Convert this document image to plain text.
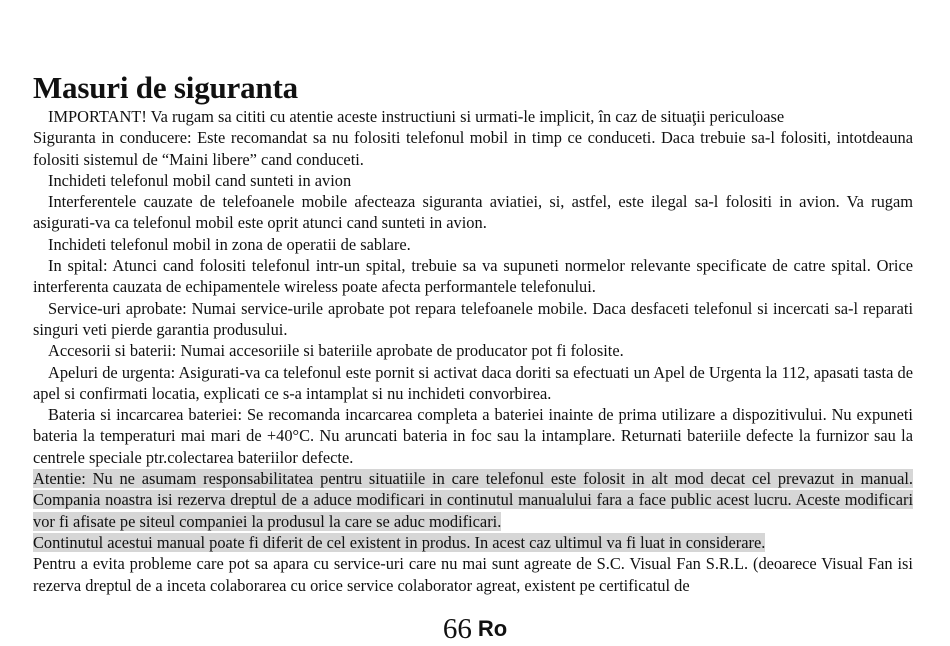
Masuri de siguranta

IMPORTANT! Va rugam sa cititi cu atentie aceste instructiuni si urmati-le implicit, în caz de situaţii periculoase

Siguranta in conducere: Este recomandat sa nu folositi telefonul mobil in timp ce conduceti. Daca trebuie sa-l folositi, intotdeauna folositi sistemul de “Maini libere” cand conduceti.

Inchideti telefonul mobil cand sunteti in avion

Interferentele cauzate de telefoanele mobile afecteaza siguranta aviatiei, si, astfel, este ilegal sa-l folositi in avion. Va rugam asigurati-va ca telefonul mobil este oprit atunci cand sunteti in avion.

Inchideti telefonul mobil in zona de operatii de sablare.

In spital: Atunci cand folositi telefonul intr-un spital, trebuie sa va supuneti normelor relevante specificate de catre spital. Orice interferenta cauzata de echipamentele wireless poate afecta performantele telefonului.

Service-uri aprobate: Numai service-urile aprobate pot repara telefoanele mobile. Daca desfaceti telefonul si incercati sa-l reparati singuri veti pierde garantia produsului.

Accesorii si baterii: Numai accesoriile si bateriile aprobate de producator pot fi folosite.

Apeluri de urgenta: Asigurati-va ca telefonul este pornit si activat daca doriti sa efectuati un Apel de Urgenta la 112, apasati tasta de apel si confirmati locatia, explicati ce s-a intamplat si nu inchideti convorbirea.

Bateria si incarcarea bateriei: Se recomanda incarcarea completa a bateriei inainte de prima utilizare a dispozitivului. Nu expuneti bateria la temperaturi mai mari de +40°C. Nu aruncati bateria in foc sau la intamplare. Returnati bateriile defecte la furnizor sau la centrele speciale ptr.colectarea bateriilor defecte.

Atentie: Nu ne asumam responsabilitatea pentru situatiile in care telefonul este folosit in alt mod decat cel prevazut in manual. Compania noastra isi rezerva dreptul de a aduce modificari in continutul manualului fara a face public acest lucru. Aceste modificari vor fi afisate pe siteul companiei la produsul la care se aduc modificari.

Continutul acestui manual poate fi diferit de cel existent in produs. In acest caz ultimul va fi luat in considerare.

Pentru a evita probleme care pot sa apara cu service-uri care nu mai sunt agreate de S.C. Visual Fan S.R.L. (deoarece Visual Fan isi rezerva dreptul de a inceta colaborarea cu orice service colaborator agreat, existent pe certificatul de

66 Ro
